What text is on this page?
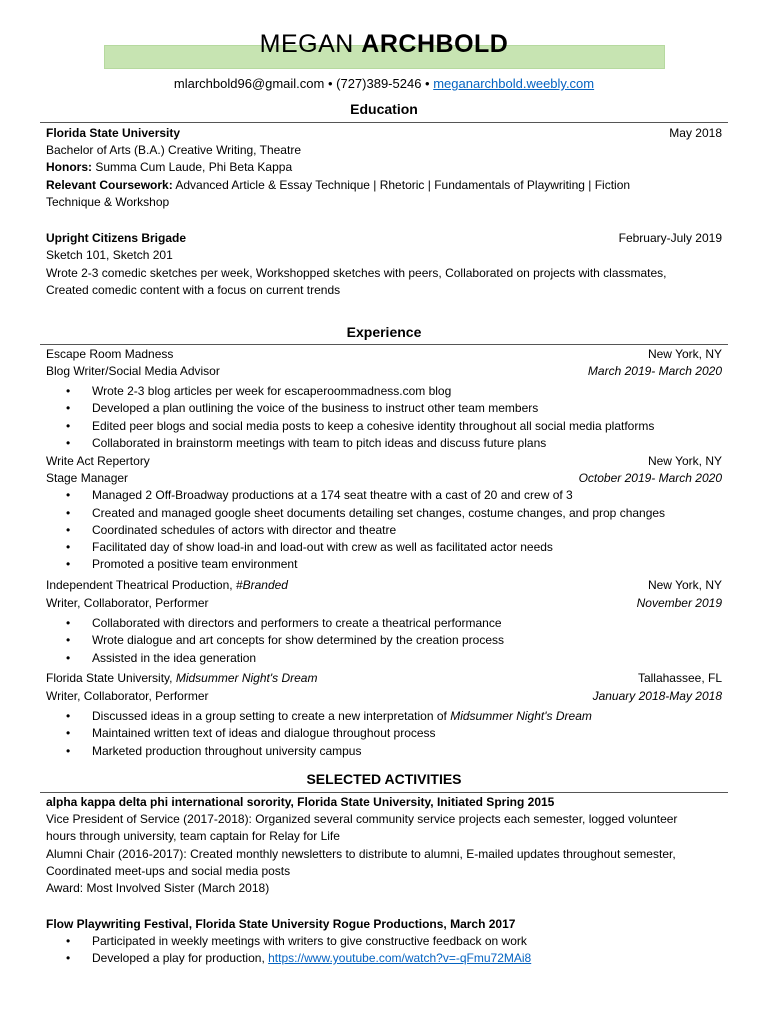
MEGAN ARCHBOLD
mlarchbold96@gmail.com • (727)389-5246 • meganarchbold.weebly.com
Education
Florida State University	May 2018
Bachelor of Arts (B.A.) Creative Writing, Theatre
Honors: Summa Cum Laude, Phi Beta Kappa
Relevant Coursework: Advanced Article & Essay Technique | Rhetoric | Fundamentals of Playwriting | Fiction
Technique & Workshop
Upright Citizens Brigade	February-July 2019
Sketch 101, Sketch 201
Wrote 2-3 comedic sketches per week, Workshopped sketches with peers, Collaborated on projects with classmates,
Created comedic content with a focus on current trends
Experience
Escape Room Madness	New York, NY
Blog Writer/Social Media Advisor	March 2019- March 2020
• Wrote 2-3 blog articles per week for escaperoommadness.com blog
• Developed a plan outlining the voice of the business to instruct other team members
• Edited peer blogs and social media posts to keep a cohesive identity throughout all social media platforms
• Collaborated in brainstorm meetings with team to pitch ideas and discuss future plans
Write Act Repertory	New York, NY
Stage Manager	October 2019- March 2020
• Managed 2 Off-Broadway productions at a 174 seat theatre with a cast of 20 and crew of 3
• Created and managed google sheet documents detailing set changes, costume changes, and prop changes
• Coordinated schedules of actors with director and theatre
• Facilitated day of show load-in and load-out with crew as well as facilitated actor needs
• Promoted a positive team environment
Independent Theatrical Production, #Branded	New York, NY
Writer, Collaborator, Performer	November 2019
• Collaborated with directors and performers to create a theatrical performance
• Wrote dialogue and art concepts for show determined by the creation process
• Assisted in the idea generation
Florida State University, Midsummer Night's Dream	Tallahassee, FL
Writer, Collaborator, Performer	January 2018-May 2018
• Discussed ideas in a group setting to create a new interpretation of Midsummer Night's Dream
• Maintained written text of ideas and dialogue throughout process
• Marketed production throughout university campus
SELECTED ACTIVITIES
alpha kappa delta phi international sorority, Florida State University, Initiated Spring 2015
Vice President of Service (2017-2018): Organized several community service projects each semester, logged volunteer
hours through university, team captain for Relay for Life
Alumni Chair (2016-2017): Created monthly newsletters to distribute to alumni, E-mailed updates throughout semester,
Coordinated meet-ups and social media posts
Award: Most Involved Sister (March 2018)
Flow Playwriting Festival, Florida State University Rogue Productions, March 2017
• Participated in weekly meetings with writers to give constructive feedback on work
• Developed a play for production, https://www.youtube.com/watch?v=-qFmu72MAi8
